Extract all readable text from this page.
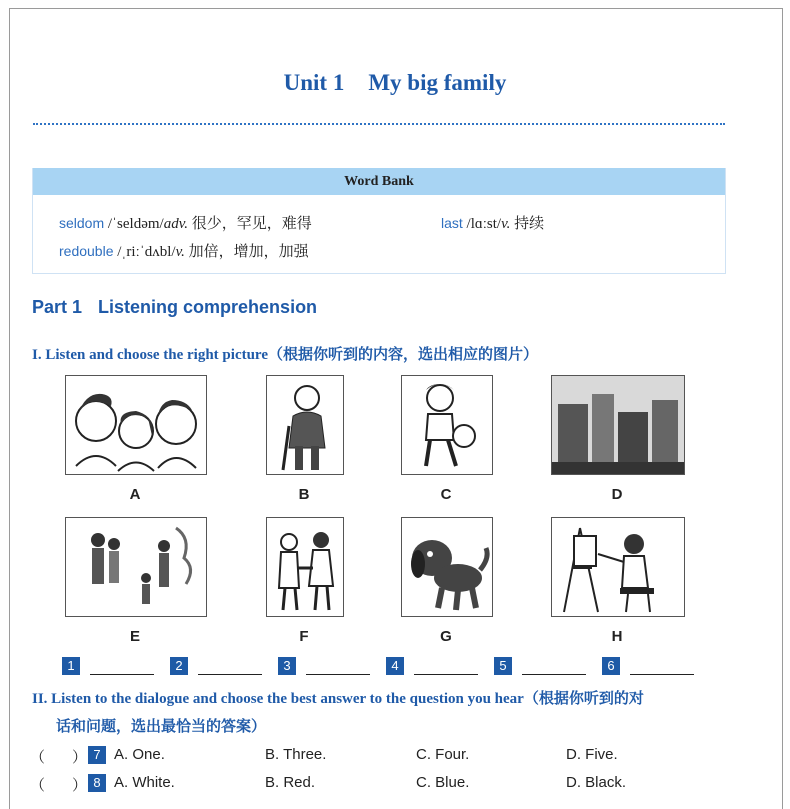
Unit 1 My big family
Word Bank
seldom /ˈseldəm/adv. 很少，罕见，难得	last /lɑːst/v. 持续
redouble /ˌriːˈdʌbl/v. 加倍，增加，加强
Part 1 Listening comprehension
I. Listen and choose the right picture（根据你听到的内容，选出相应的图片）
A	B	C	D
E	F	G	H
1	2	3	4	5	6
II. Listen to the dialogue and choose the best answer to the question you hear（根据你听到的对
话和问题，选出最恰当的答案）
（ ） 7 A. One.	B. Three.	C. Four.	D. Five.
（ ） 8 A. White.	B. Red.	C. Blue.	D. Black.
